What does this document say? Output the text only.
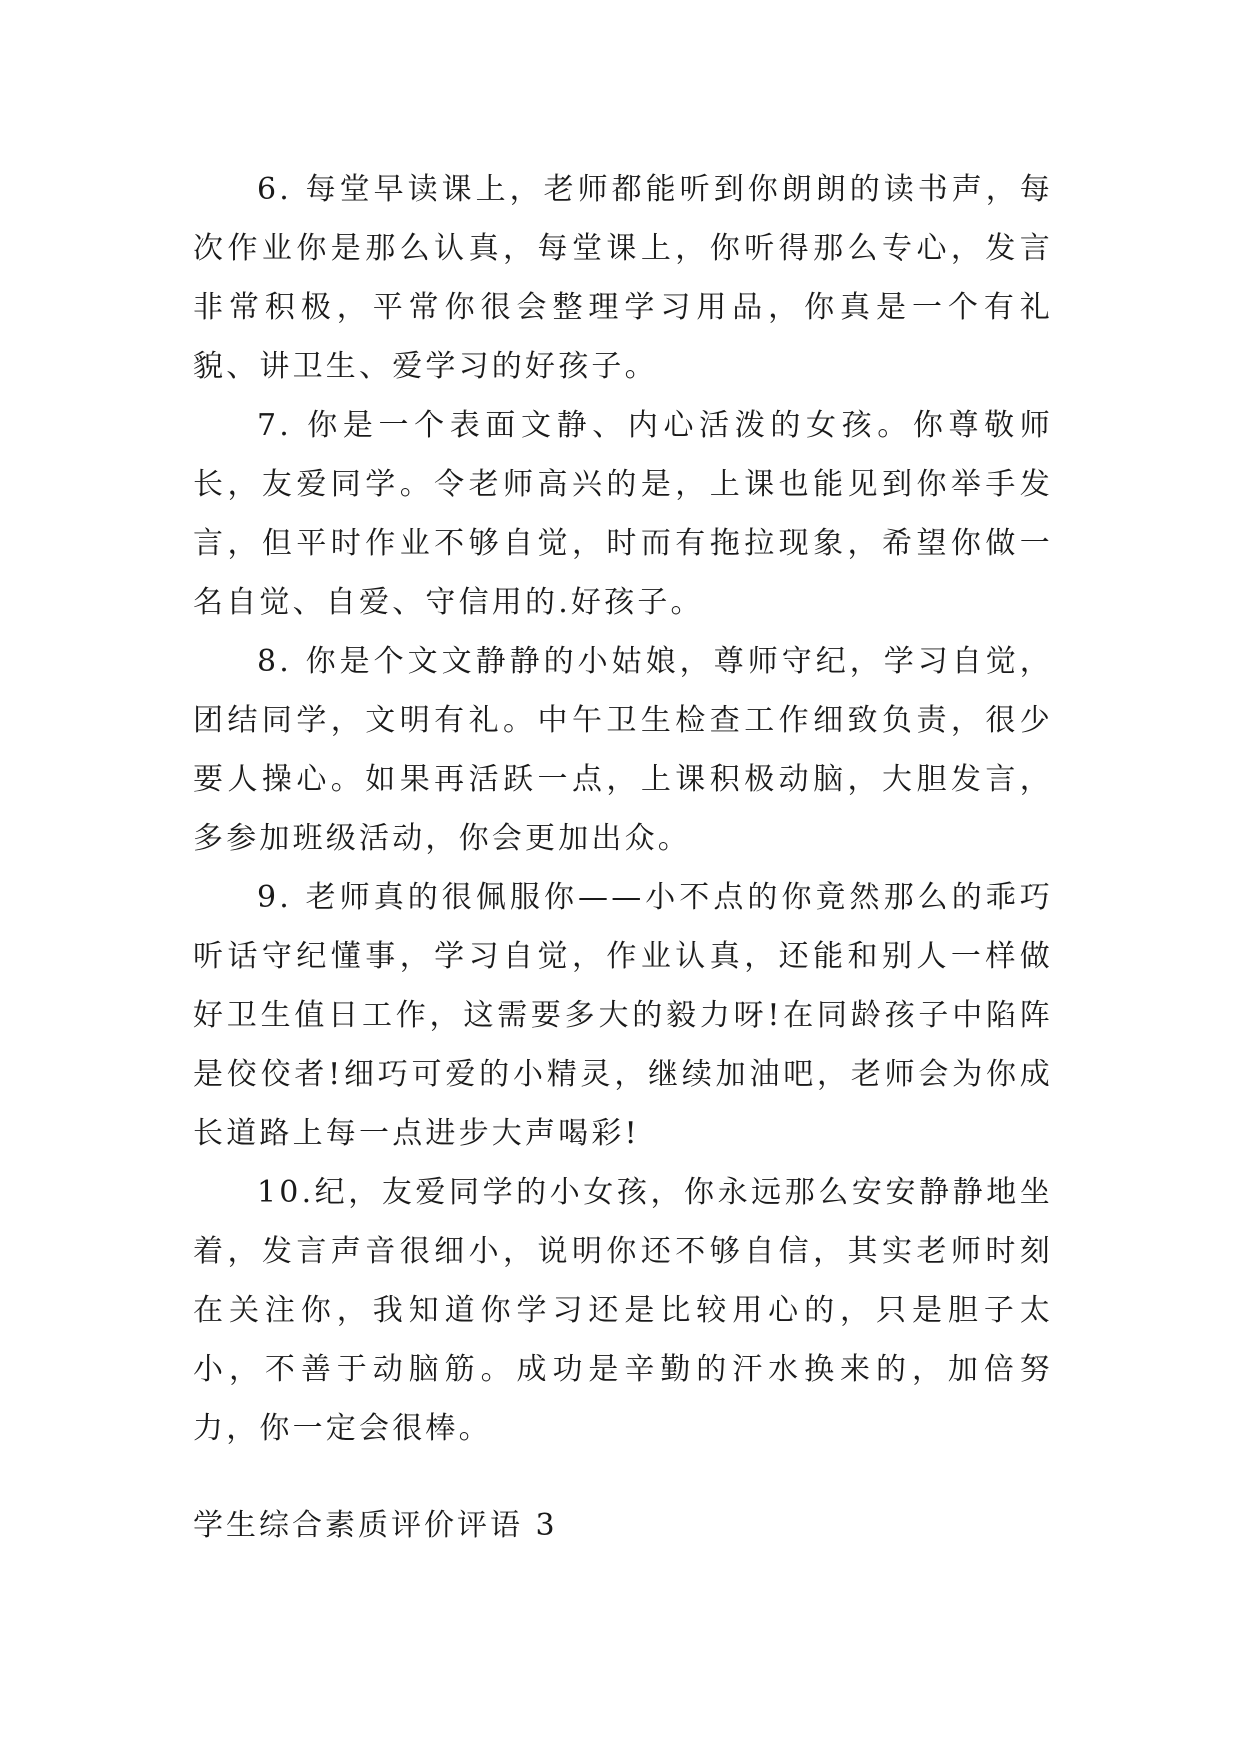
6. 每堂早读课上，老师都能听到你朗朗的读书声，每次作业你是那么认真，每堂课上，你听得那么专心，发言非常积极，平常你很会整理学习用品，你真是一个有礼貌、讲卫生、爱学习的好孩子。

7. 你是一个表面文静、内心活泼的女孩。你尊敬师长，友爱同学。令老师高兴的是，上课也能见到你举手发言，但平时作业不够自觉，时而有拖拉现象，希望你做一名自觉、自爱、守信用的.好孩子。

8. 你是个文文静静的小姑娘，尊师守纪，学习自觉，团结同学，文明有礼。中午卫生检查工作细致负责，很少要人操心。如果再活跃一点，上课积极动脑，大胆发言，多参加班级活动，你会更加出众。

9. 老师真的很佩服你——小不点的你竟然那么的乖巧听话守纪懂事，学习自觉，作业认真，还能和别人一样做好卫生值日工作，这需要多大的毅力呀!在同龄孩子中陷阵是佼佼者!细巧可爱的小精灵，继续加油吧，老师会为你成长道路上每一点进步大声喝彩!

10.纪，友爱同学的小女孩，你永远那么安安静静地坐着，发言声音很细小，说明你还不够自信，其实老师时刻在关注你，我知道你学习还是比较用心的，只是胆子太小，不善于动脑筋。成功是辛勤的汗水换来的，加倍努力，你一定会很棒。

学生综合素质评价评语 3
